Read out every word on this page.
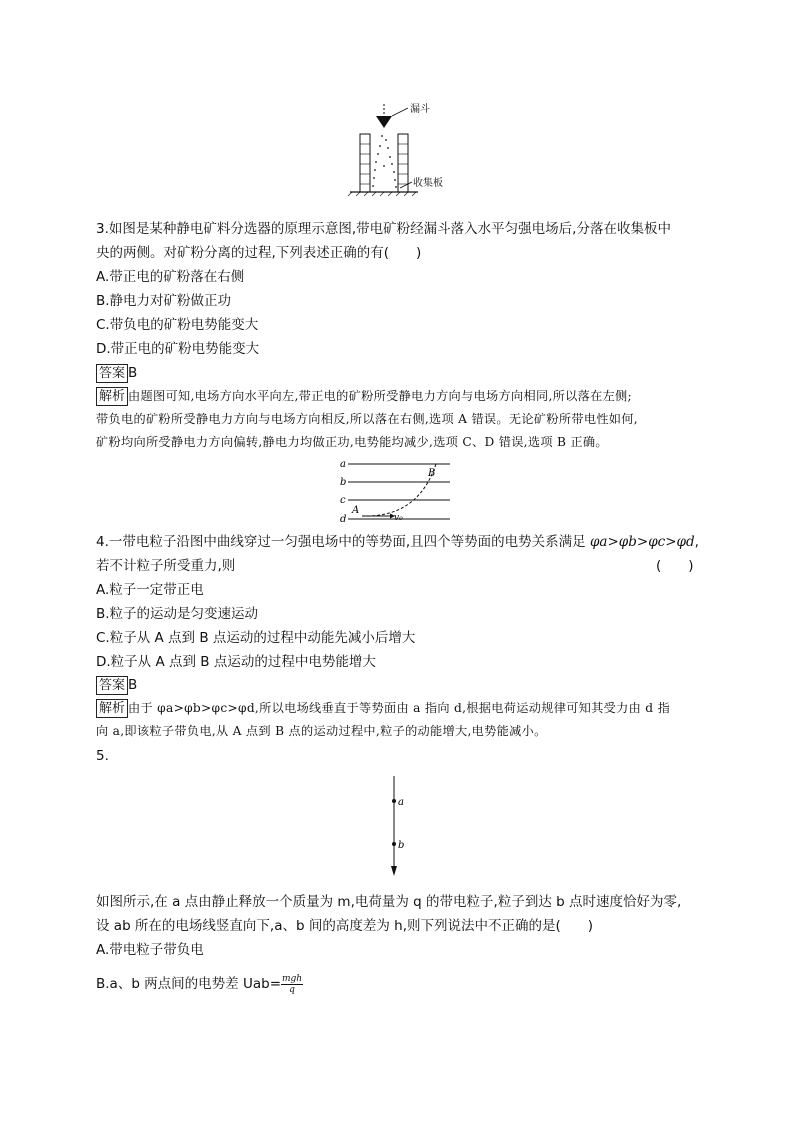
漏斗
收集板
3.如图是某种静电矿料分选器的原理示意图,带电矿粉经漏斗落入水平匀强电场后,分落在收集板中
央的两侧。对矿粉分离的过程,下列表述正确的有(　　)
A.带正电的矿粉落在右侧
B.静电力对矿粉做正功
C.带负电的矿粉电势能变大
D.带正电的矿粉电势能变大
答案 B
解析 由题图可知,电场方向水平向左,带正电的矿粉所受静电力方向与电场方向相同,所以落在左侧;
带负电的矿粉所受静电力方向与电场方向相反,所以落在右侧,选项 A 错误。无论矿粉所带电性如何,
矿粉均向所受静电力方向偏转,静电力均做正功,电势能均减少,选项 C、D 错误,选项 B 正确。
a
b
c
d
A
v₀
B
4.一带电粒子沿图中曲线穿过一匀强电场中的等势面,且四个等势面的电势关系满足 φa>φb>φc>φd,
若不计粒子所受重力,则	(　　)
A.粒子一定带正电
B.粒子的运动是匀变速运动
C.粒子从 A 点到 B 点运动的过程中动能先减小后增大
D.粒子从 A 点到 B 点运动的过程中电势能增大
答案 B
解析 由于 φa>φb>φc>φd,所以电场线垂直于等势面由 a 指向 d,根据电荷运动规律可知其受力由 d 指
向 a,即该粒子带负电,从 A 点到 B 点的运动过程中,粒子的动能增大,电势能减小。
5.
a
b
如图所示,在 a 点由静止释放一个质量为 m,电荷量为 q 的带电粒子,粒子到达 b 点时速度恰好为零,
设 ab 所在的电场线竖直向下,a、b 间的高度差为 h,则下列说法中不正确的是(　　)
A.带电粒子带负电
B.a、b 两点间的电势差 Uab= mgh
q
